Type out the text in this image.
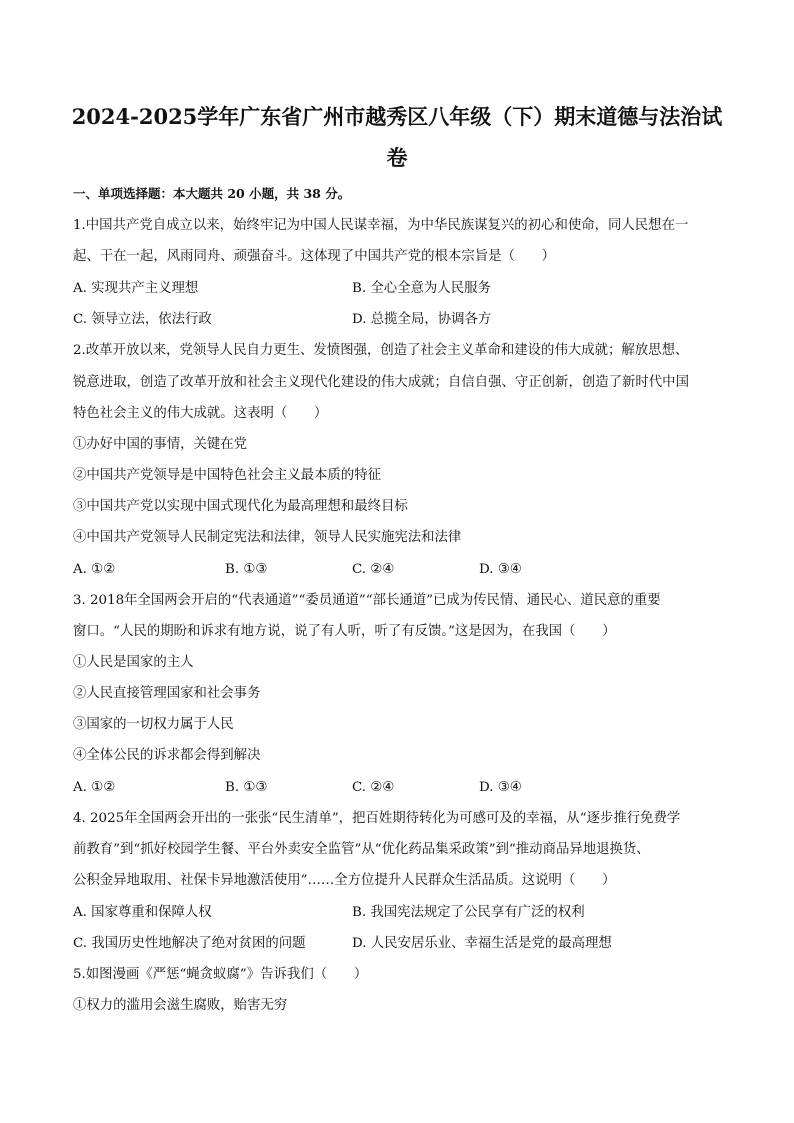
2024-2025学年广东省广州市越秀区八年级（下）期末道德与法治试
卷
一、单项选择题：本大题共 20 小题，共 38 分。
1.中国共产党自成立以来，始终牢记为中国人民谋幸福，为中华民族谋复兴的初心和使命，同人民想在一
起、干在一起，风雨同舟、顽强奋斗。这体现了中国共产党的根本宗旨是（　　）
A. 实现共产主义理想	B. 全心全意为人民服务
C. 领导立法，依法行政	D. 总揽全局，协调各方
2.改革开放以来，党领导人民自力更生、发愤图强，创造了社会主义革命和建设的伟大成就；解放思想、
锐意进取，创造了改革开放和社会主义现代化建设的伟大成就；自信自强、守正创新，创造了新时代中国
特色社会主义的伟大成就。这表明（　　）
①办好中国的事情，关键在党
②中国共产党领导是中国特色社会主义最本质的特征
③中国共产党以实现中国式现代化为最高理想和最终目标
④中国共产党领导人民制定宪法和法律，领导人民实施宪法和法律
A. ①②	B. ①③	C. ②④	D. ③④
3. 2018年全国两会开启的“代表通道”“委员通道”“部长通道”已成为传民情、通民心、道民意的重要
窗口。“人民的期盼和诉求有地方说，说了有人听，听了有反馈。”这是因为，在我国（　　）
①人民是国家的主人
②人民直接管理国家和社会事务
③国家的一切权力属于人民
④全体公民的诉求都会得到解决
A. ①②	B. ①③	C. ②④	D. ③④
4. 2025年全国两会开出的一张张“民生清单”，把百姓期待转化为可感可及的幸福，从“逐步推行免费学
前教育”到“抓好校园学生餐、平台外卖安全监管”从“优化药品集采政策”到“推动商品异地退换货、
公积金异地取用、社保卡异地激活使用”……全方位提升人民群众生活品质。这说明（　　）
A. 国家尊重和保障人权	B. 我国宪法规定了公民享有广泛的权利
C. 我国历史性地解决了绝对贫困的问题	D. 人民安居乐业、幸福生活是党的最高理想
5.如图漫画《严惩“蝇贪蚁腐”》告诉我们（　　）
①权力的滥用会滋生腐败，贻害无穷
